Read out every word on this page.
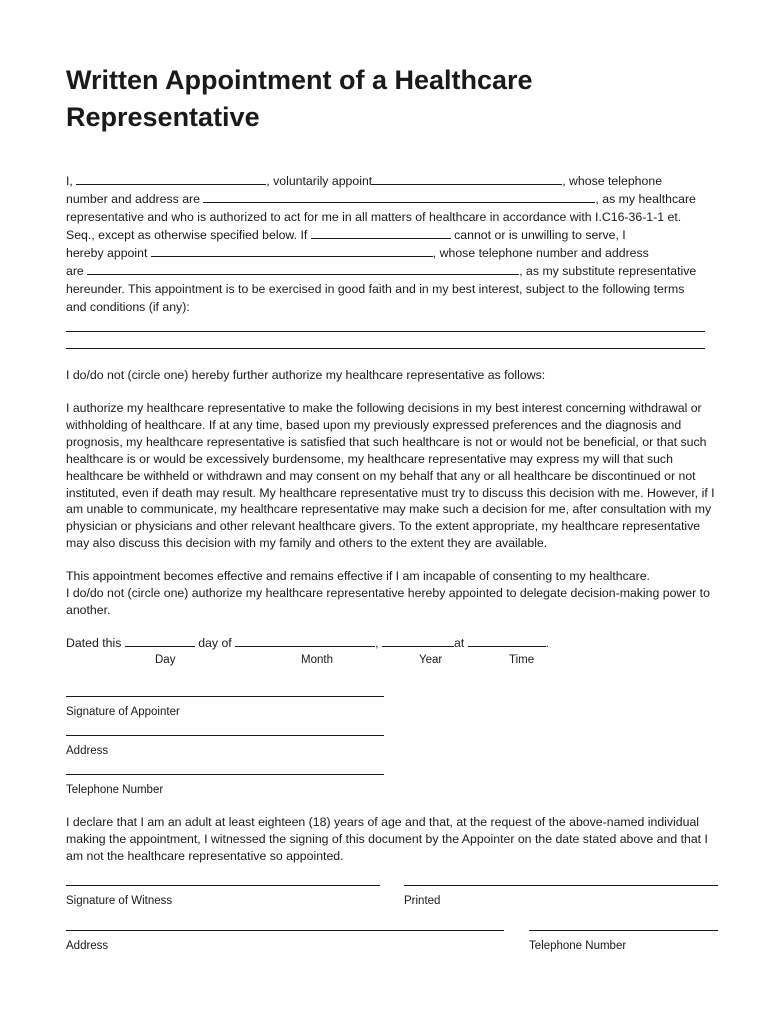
Written Appointment of a Healthcare Representative
I,	, voluntarily appoint	, whose telephone
number and address are	, as my healthcare
representative and who is authorized to act for me in all matters of healthcare in accordance with I.C16-36-1-1 et.
Seq., except as otherwise specified below. If	cannot or is unwilling to serve, I
hereby appoint	, whose telephone number and address
are	, as my substitute representative
hereunder. This appointment is to be exercised in good faith and in my best interest, subject to the following terms
and conditions (if any):
I do/do not (circle one) hereby further authorize my healthcare representative as follows:

I authorize my healthcare representative to make the following decisions in my best interest concerning withdrawal or withholding of healthcare. If at any time, based upon my previously expressed preferences and the diagnosis and prognosis, my healthcare representative is satisfied that such healthcare is not or would not be beneficial, or that such healthcare is or would be excessively burdensome, my healthcare representative may express my will that such healthcare be withheld or withdrawn and may consent on my behalf that any or all healthcare be discontinued or not instituted, even if death may result. My healthcare representative must try to discuss this decision with me. However, if I am unable to communicate, my healthcare representative may make such a decision for me, after consultation with my physician or physicians and other relevant healthcare givers. To the extent appropriate, my healthcare representative may also discuss this decision with my family and others to the extent they are available.

This appointment becomes effective and remains effective if I am incapable of consenting to my healthcare.

I do/do not (circle one) authorize my healthcare representative hereby appointed to delegate decision-making power to another.

Dated this	day of	,	at	.
Day	Month	Year	Time
Signature of Appointer
Address
Telephone Number

I declare that I am an adult at least eighteen (18) years of age and that, at the request of the above-named individual making the appointment, I witnessed the signing of this document by the Appointer on the date stated above and that I am not the healthcare representative so appointed.

Signature of Witness	Printed
Address	Telephone Number
